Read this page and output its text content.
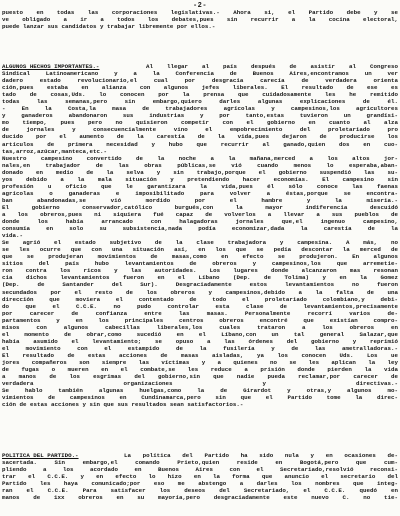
-2-
puesto en todas las corporaciones legislativas.- Ahora si, el Partido debe y se
ve obligado a ir a todos los debates,pues sin recurrir a la cocina electoral,
puede lanzar sus candidatos y trabajar libremente por ellos.-
ALGUNOS HECHOS IMPORTANTES.-	Al llegar al país después de asistir al Congreso
Sindical Latinoamericano y a la Conferencia de Buenos Aires,encontramos un ver
dadero estado revolucionario,el cual por desgracia carecía de verdadera orienta
ción,pues estaba en alianza con algunos jefes liberales. El resultado de ese es
tado de cosas,Uds. lo conocen por la prensa que cuidadosamente les he remitido
todas las semanas,pero sin embargo,quiero darles algunas explicaciones de él.
- En la Costa,la masa de trabajadores agrícolas y campesinos,los agricultores
y ganaderos abandonaron sus industrias y por tanto,estas tuvieron un grandísi-
mo tiempo, pues pero no quisieron competir con el gobierno en cuanto al alza
de jornales y consecuencialmente vino el empobrecimiento del proletariado pro
ducido por el aumento de la carestía de la vida,pues dejaron de producirse los
artículos de primera necesidad y hubo que recurrir al ganado,quien dos en cuo-
tas,arroz,azúcar,manteca,etc.-
Nuestro campesino convertido de la noche a la mañana,merced a los altos jor-
nales,en trabajador de las obras públicas,se vió cuando menos lo esperaba,aban-
donado en medio de la selva y sin trabajo,porque el gobierno suspendió las su-
yos debido a la mala situación y pretendiendo hacer economías. El campesino sin
profesión u oficio que le garantizara la vida,pues él sólo conoce las faenas
agrícolas o ganaderas e imposibilitado para volver a éstas,porque se encontra-
ban abandonadas,se vió mordido por el hambre y la miseria.-
El gobierno conservador,católico burgués,con la mayor indiferencia descuidó
a los obreros,pues ni siquiera fué capaz de volverlos a llevar a sus pueblos de
donde los había arrancado con halagadoras jornales que,el ingenuo campesino,
consumía en solo su subsistencia,nada podía economizar,dada la carestía de la
vida.-
Se agrió el estado subjetivo de la clase trabajadora y campesina. A más, no
se les ocurre que con una situación así, en los que se pedía descontar la merced de
que se produjeran movimientos de masas,como en efecto se produjeron. En algunos
sitios del país hubo levantamientos de obreros y campesinos,los que arremetie-
ron contra los ricos y las autoridades. Los lugares donde alcanzaron mas resonan
cia dichos levantamientos fueron en el Líbano (Dep. de Tolima) y en la Gomez
(Dep. de Santander del Sur). Desgraciadamente estos levantamientos no fueron
secundados por el resto de los obreros y campesinos,debido a la falta de una
dirección que moviera el contentado de todo el proletariado colombiano,y debi-
do que el C.C.E. no pudo controlar esta clase de levantamientos,precisamente
por carecer de confianza entre las masas. Personalmente recorrí varios de-
partamentos y en los principales centros obreros encontré que existían compro-
misos con algunos cabecillas liberales,los cuales trataron a los obreros en
el momento de obrar,como sucedió en el Líbano,con un tal general Salazar,que
había asumido el levantamiento; se opuso a las órdenes del gobierno y reprimió
el movimiento con el estampido de la fusilería y de las ametralladoras.-
El resultado de estas acciones de masas aisladas, ya los conocen Uds. Los ue
jores compañeros son siempre las víctimas y a quienes no se les aplican la ley
de fugas o mueren en el combate,se les reduce a prisión donde pierden la vida
a manos de los esgrimas del gobierno,sin que nadie pueda reclamar,por carecer de
verdadera organizaciones y directivas.-
Se hablo también algunas huelgas,como la de Girardot y otras,y algunos mo-
vimientos de campesinos en Cundinamarca,pero sin que el Partido tome la direc-
ción de estas acciones y sin que sus resultados sean satisfactorios.-
POLITICA DEL PARTIDO.-	La política del Partido ha sido nula y en ocasiones de-
sacertada. Sin embargo,el comando Prieto,quien reside en Bogotá,pero que cum-
pliendo a los acordado en Buenos Aires con el Secretariado,resolvió reconsi-
trar el C.C.E. y en efecto lo hizo en la forma que anuncio el secretario del
Partido les haya comunicado;por eso me abstengo a darles los nombres que integ-
ran el C.C.E. Para satisfacer los deseos del Secretariado, el C.C.E. quedó en
manos de 1xx obreros en su mayoría,pero desgraciadamente este nuevo C. no tie-
